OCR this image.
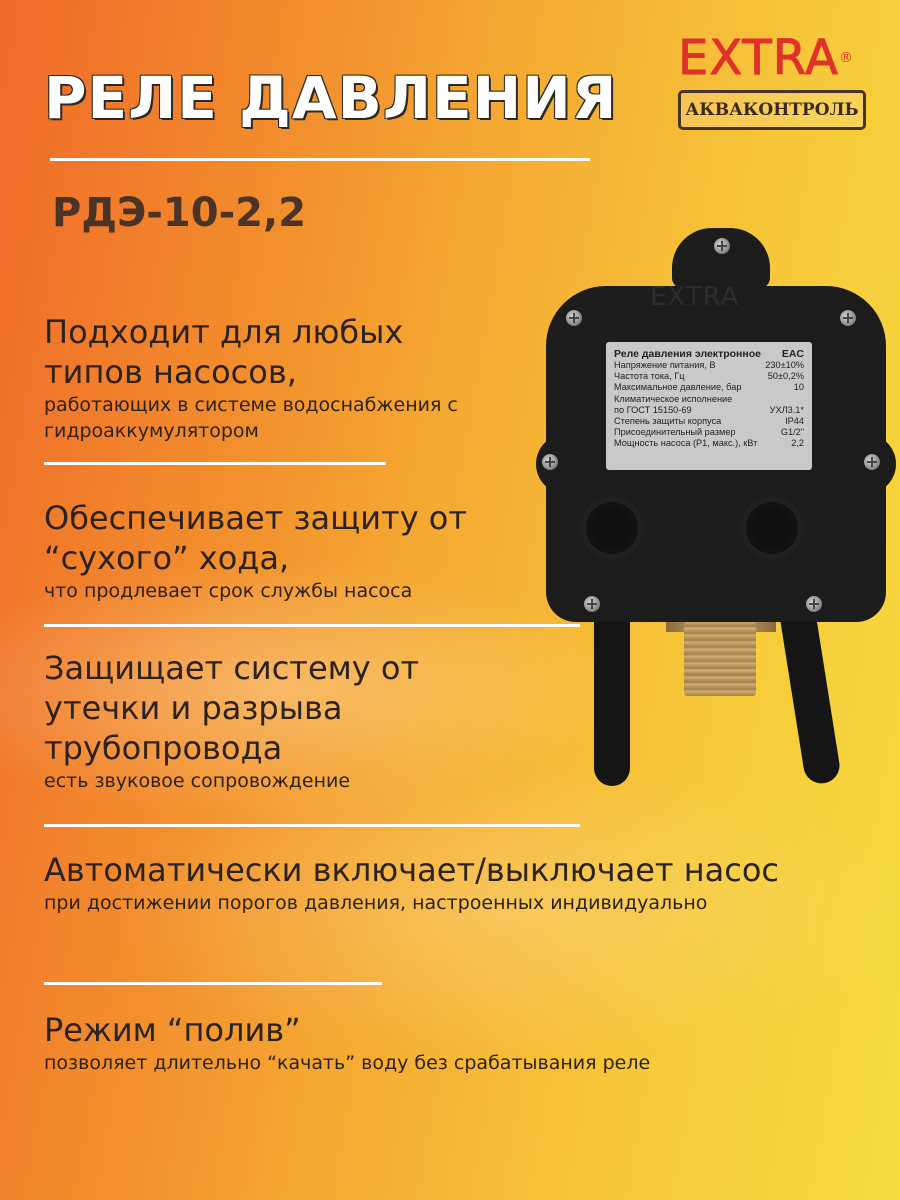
РЕЛЕ ДАВЛЕНИЯ
РДЭ-10-2,2
EXTRA®
АКВАКОНТРОЛЬ
Подходит для любых типов насосов,
работающих в системе водоснабжения с гидроаккумулятором
Обеспечивает защиту от “сухого” хода,
что продлевает срок службы насоса
Защищает систему от утечки и разрыва трубопровода
есть звуковое сопровождение
Автоматически включает/выключает насос
при достижении порогов давления, настроенных индивидуально
Режим “полив”
позволяет длительно “качать” воду без срабатывания реле
EXTRA
Реле давления электронное EAC
Напряжение питания, В	230±10%
Частота тока, Гц	50±0,2%
Максимальное давление, бар	10
Климатическое исполнение
по ГОСТ 15150-69	УХЛ3.1*
Степень защиты корпуса	IP44
Присоединительный размер	G1/2"
Мощность насоса (P1, макс.), кВт	2,2
